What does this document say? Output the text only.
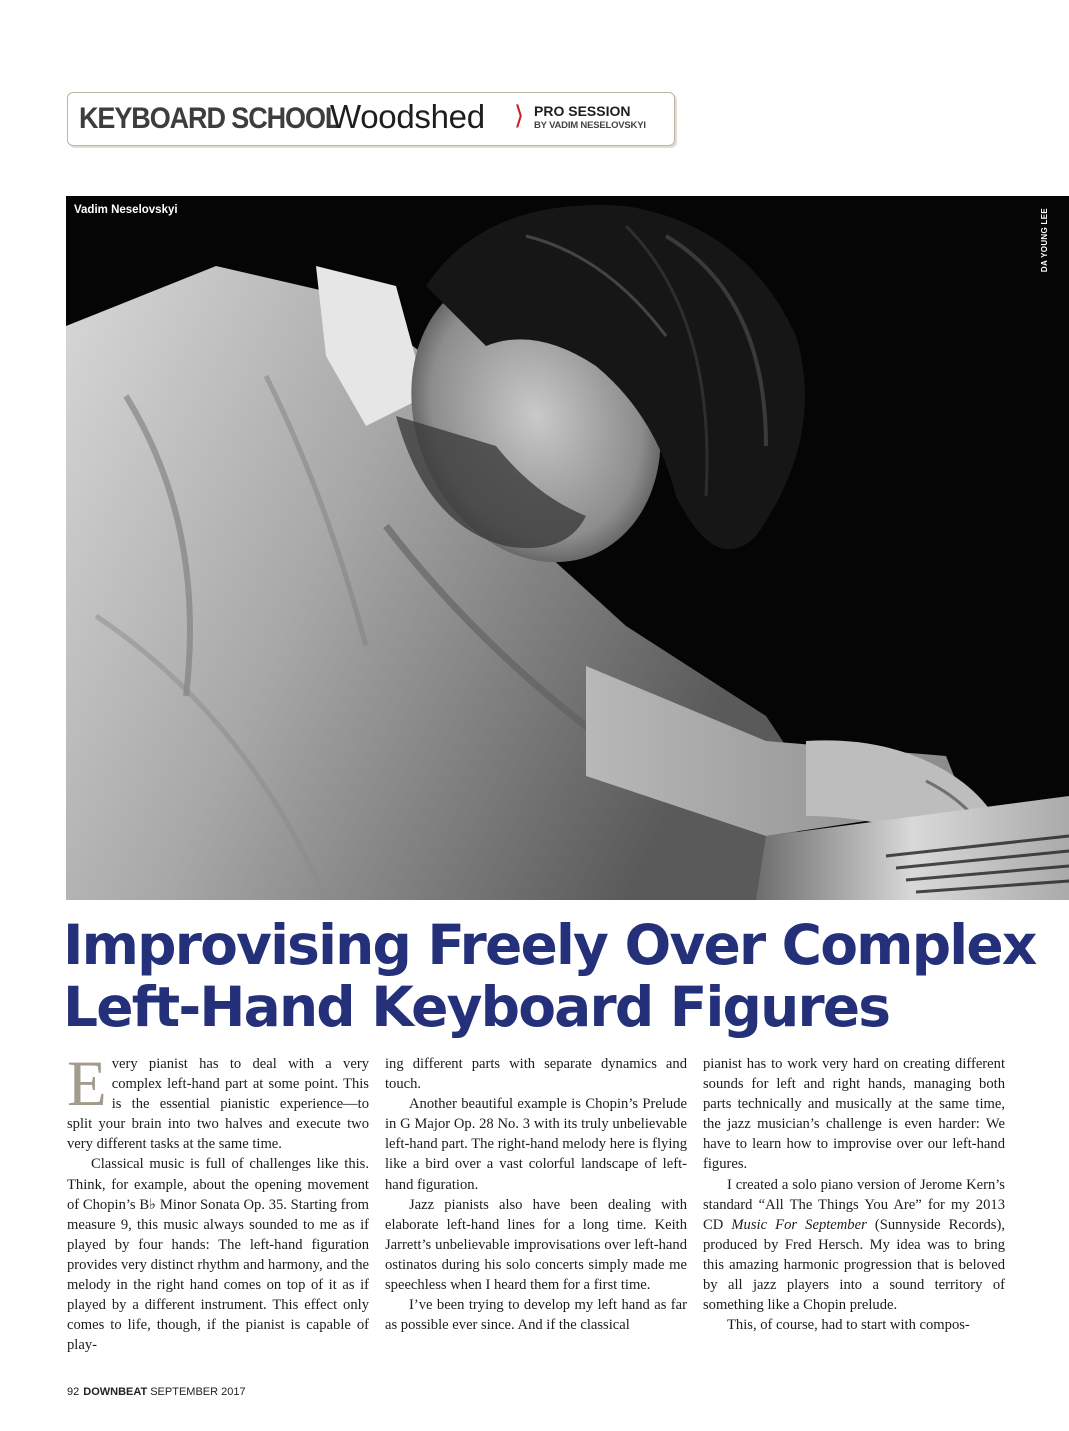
KEYBOARD SCHOOL
Woodshed ⟩ PRO SESSION
BY VADIM NESELOVSKYI
Vadim Neselovskyi	DA YOUNG LEE
Improvising Freely Over Complex
Left-Hand Keyboard Figures

Every pianist has to deal with a very complex left-hand part at some point. This is the essential pianistic experience—to split your brain into two halves and execute two very different tasks at the same time.

Classical music is full of challenges like this. Think, for example, about the opening movement of Chopin’s B♭ Minor Sonata Op. 35. Starting from measure 9, this music always sounded to me as if played by four hands: The left-hand figuration provides very distinct rhythm and harmony, and the melody in the right hand comes on top of it as if played by a different instrument. This effect only comes to life, though, if the pianist is capable of play-

ing different parts with separate dynamics and touch.

Another beautiful example is Chopin’s Prelude in G Major Op. 28 No. 3 with its truly unbelievable left-hand part. The right-hand melody here is flying like a bird over a vast colorful landscape of left-hand figuration.

Jazz pianists also have been dealing with elaborate left-hand lines for a long time. Keith Jarrett’s unbelievable improvisations over left-hand ostinatos during his solo concerts simply made me speechless when I heard them for a first time.

I’ve been trying to develop my left hand as far as possible ever since. And if the classical

pianist has to work very hard on creating different sounds for left and right hands, managing both parts technically and musically at the same time, the jazz musician’s challenge is even harder: We have to learn how to improvise over our left-hand figures.

I created a solo piano version of Jerome Kern’s standard “All The Things You Are” for my 2013 CD Music For September (Sunnyside Records), produced by Fred Hersch. My idea was to bring this amazing harmonic progression that is beloved by all jazz players into a sound territory of something like a Chopin prelude.

This, of course, had to start with compos-

92 DOWNBEAT SEPTEMBER 2017
